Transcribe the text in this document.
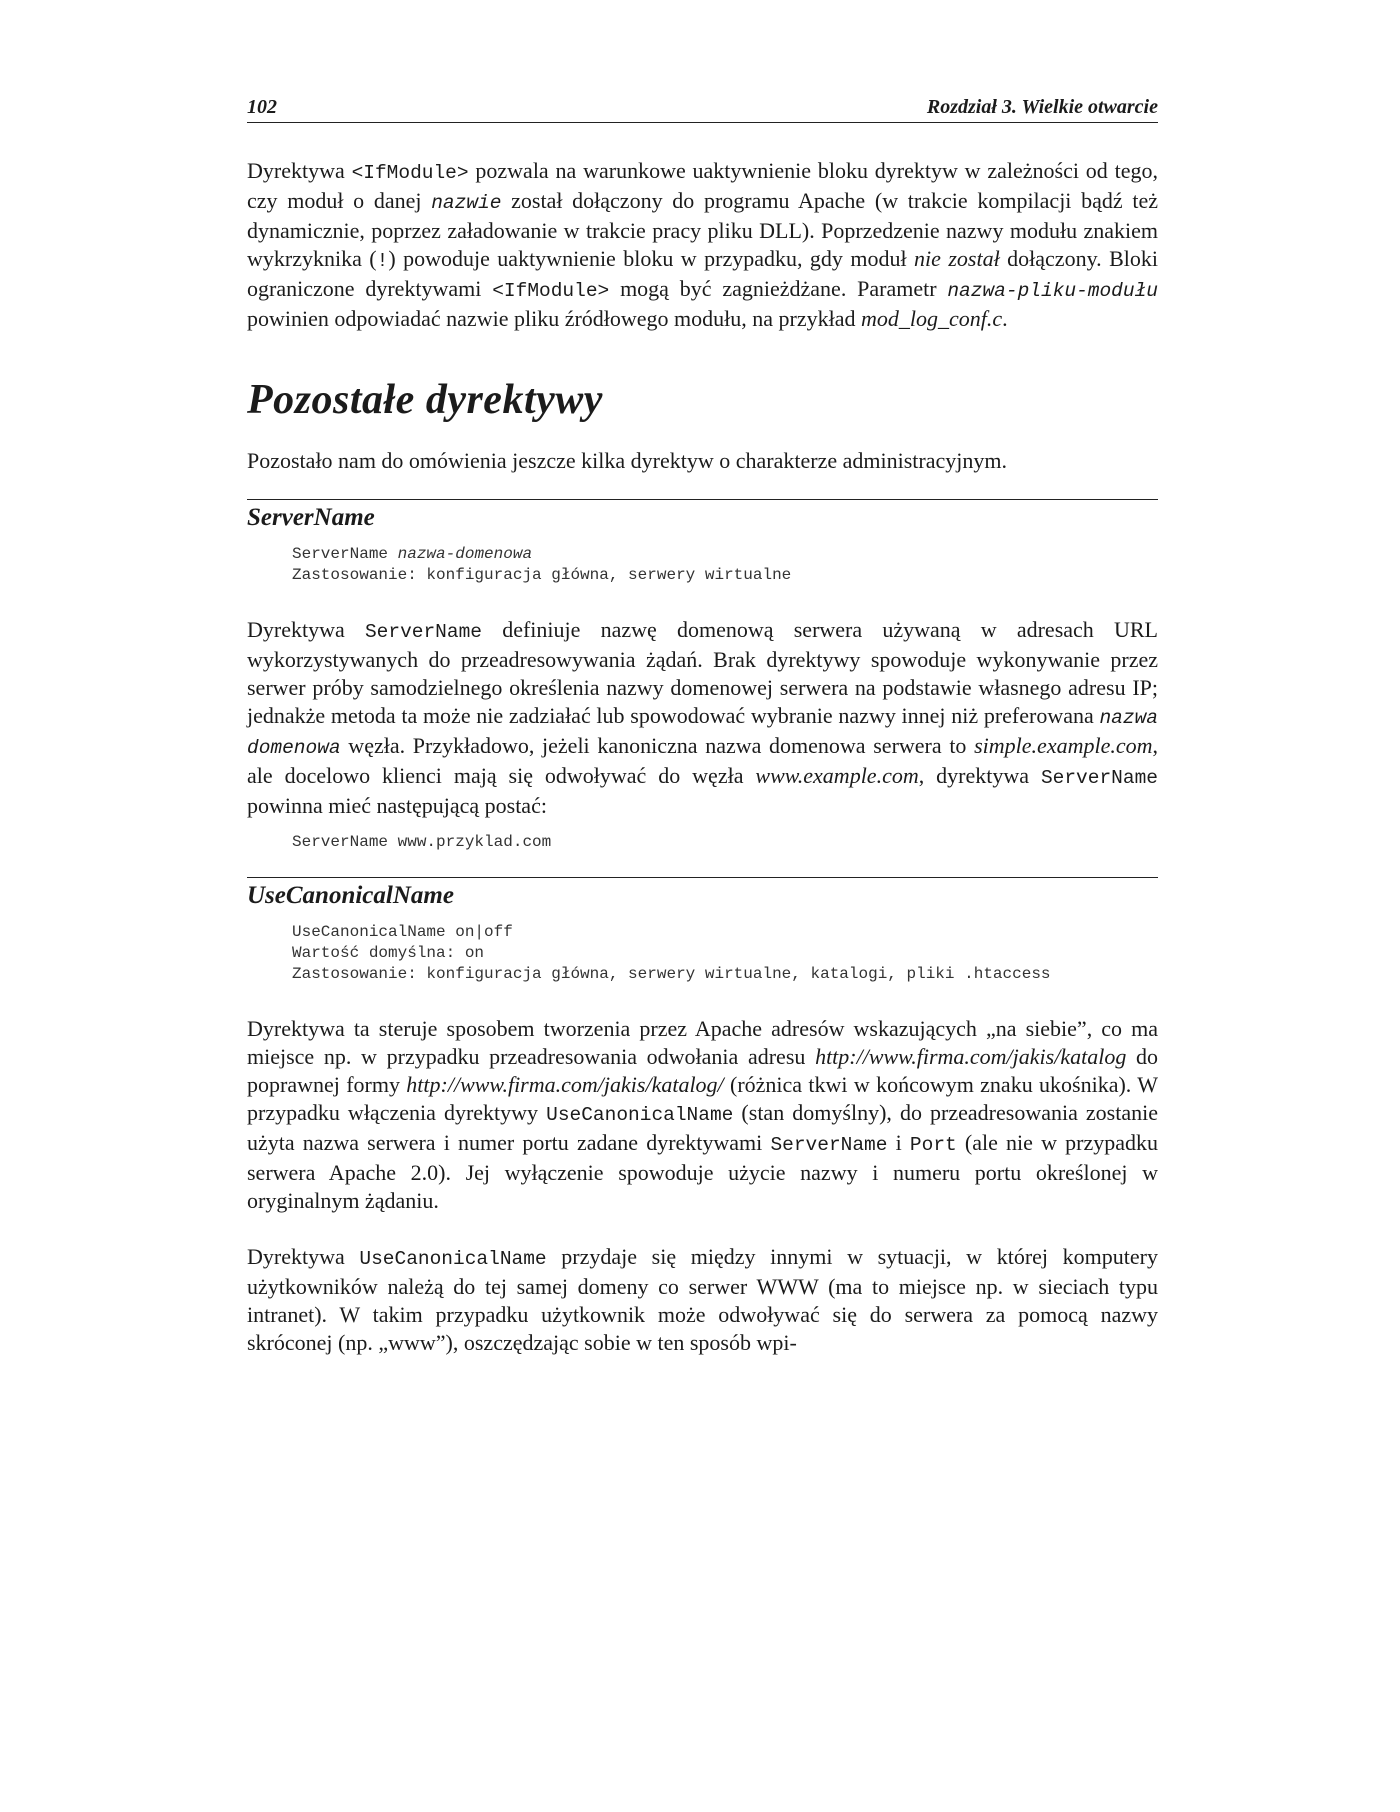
102	Rozdział 3. Wielkie otwarcie

Dyrektywa <IfModule> pozwala na warunkowe uaktywnienie bloku dyrektyw w zależności od tego, czy moduł o danej nazwie został dołączony do programu Apache (w trakcie kompilacji bądź też dynamicznie, poprzez załadowanie w trakcie pracy pliku DLL). Poprzedzenie nazwy modułu znakiem wykrzyknika (!) powoduje uaktywnienie bloku w przypadku, gdy moduł nie został dołączony. Bloki ograniczone dyrektywami <IfModule> mogą być zagnieżdżane. Parametr nazwa-pliku-modułu powinien odpowiadać nazwie pliku źródłowego modułu, na przykład mod_log_conf.c.

Pozostałe dyrektywy

Pozostało nam do omówienia jeszcze kilka dyrektyw o charakterze administracyjnym.

ServerName
ServerName nazwa-domenowa
Zastosowanie: konfiguracja główna, serwery wirtualne

Dyrektywa ServerName definiuje nazwę domenową serwera używaną w adresach URL wykorzystywanych do przeadresowywania żądań. Brak dyrektywy spowoduje wykonywanie przez serwer próby samodzielnego określenia nazwy domenowej serwera na podstawie własnego adresu IP; jednakże metoda ta może nie zadziałać lub spowodować wybranie nazwy innej niż preferowana nazwa domenowa węzła. Przykładowo, jeżeli kanoniczna nazwa domenowa serwera to simple.example.com, ale docelowo klienci mają się odwoływać do węzła www.example.com, dyrektywa ServerName powinna mieć następującą postać:

ServerName www.przyklad.com
UseCanonicalName
UseCanonicalName on|off
Wartość domyślna: on
Zastosowanie: konfiguracja główna, serwery wirtualne, katalogi, pliki .htaccess

Dyrektywa ta steruje sposobem tworzenia przez Apache adresów wskazujących „na siebie”, co ma miejsce np. w przypadku przeadresowania odwołania adresu http://www.firma.com/jakis/katalog do poprawnej formy http://www.firma.com/jakis/katalog/ (różnica tkwi w końcowym znaku ukośnika). W przypadku włączenia dyrektywy UseCanonicalName (stan domyślny), do przeadresowania zostanie użyta nazwa serwera i numer portu zadane dyrektywami ServerName i Port (ale nie w przypadku serwera Apache 2.0). Jej wyłączenie spowoduje użycie nazwy i numeru portu określonej w oryginalnym żądaniu.

Dyrektywa UseCanonicalName przydaje się między innymi w sytuacji, w której komputery użytkowników należą do tej samej domeny co serwer WWW (ma to miejsce np. w sieciach typu intranet). W takim przypadku użytkownik może odwoływać się do serwera za pomocą nazwy skróconej (np. „www”), oszczędzając sobie w ten sposób wpi-
